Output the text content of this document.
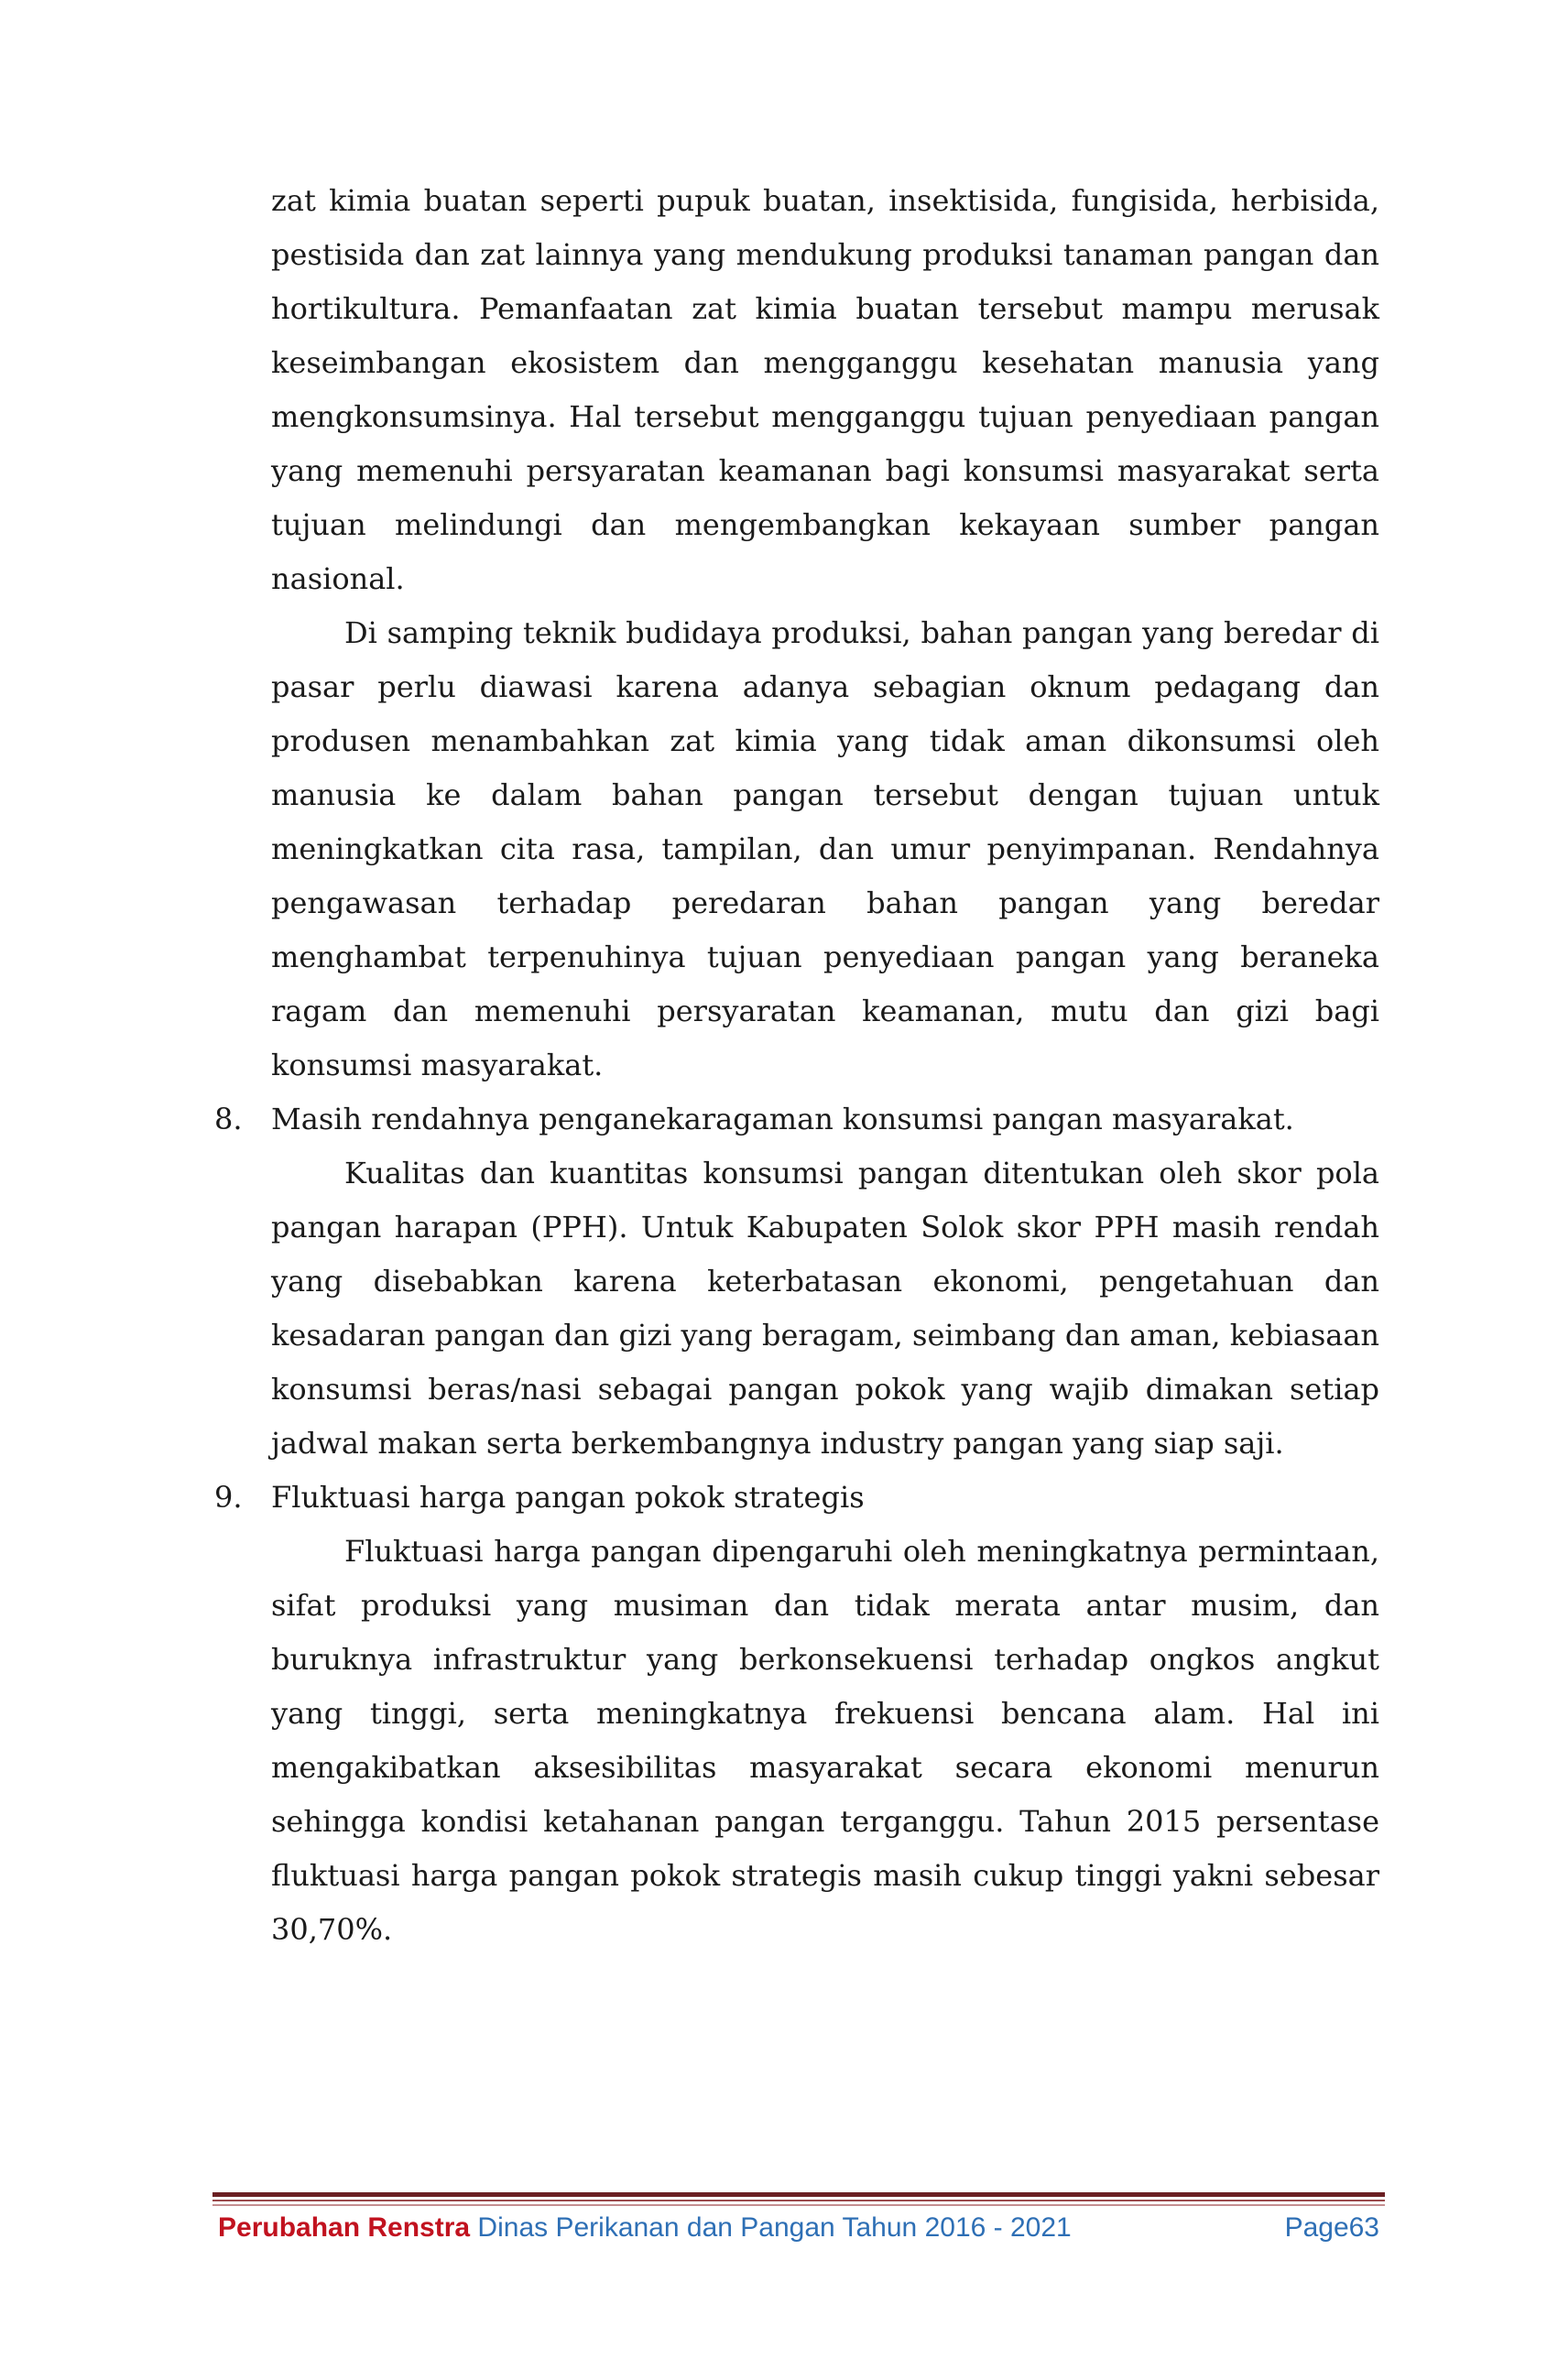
zat kimia buatan seperti pupuk buatan, insektisida, fungisida, herbisida, pestisida dan zat lainnya yang mendukung produksi tanaman pangan dan hortikultura. Pemanfaatan zat kimia buatan tersebut mampu merusak keseimbangan ekosistem dan mengganggu kesehatan manusia yang mengkonsumsinya. Hal tersebut mengganggu tujuan penyediaan pangan yang memenuhi persyaratan keamanan bagi konsumsi masyarakat serta tujuan melindungi dan mengembangkan kekayaan sumber pangan nasional.

Di samping teknik budidaya produksi, bahan pangan yang beredar di pasar perlu diawasi karena adanya sebagian oknum pedagang dan produsen menambahkan zat kimia yang tidak aman dikonsumsi oleh manusia ke dalam bahan pangan tersebut dengan tujuan untuk meningkatkan cita rasa, tampilan, dan umur penyimpanan. Rendahnya pengawasan terhadap peredaran bahan pangan yang beredar menghambat terpenuhinya tujuan penyediaan pangan yang beraneka ragam dan memenuhi persyaratan keamanan, mutu dan gizi bagi konsumsi masyarakat.

8. Masih rendahnya penganekaragaman konsumsi pangan masyarakat.

Kualitas dan kuantitas konsumsi pangan ditentukan oleh skor pola pangan harapan (PPH). Untuk Kabupaten Solok skor PPH masih rendah yang disebabkan karena keterbatasan ekonomi, pengetahuan dan kesadaran pangan dan gizi yang beragam, seimbang dan aman, kebiasaan konsumsi beras/nasi sebagai pangan pokok yang wajib dimakan setiap jadwal makan serta berkembangnya industry pangan yang siap saji.

9. Fluktuasi harga pangan pokok strategis

Fluktuasi harga pangan dipengaruhi oleh meningkatnya permintaan, sifat produksi yang musiman dan tidak merata antar musim, dan buruknya infrastruktur yang berkonsekuensi terhadap ongkos angkut yang tinggi, serta meningkatnya frekuensi bencana alam. Hal ini mengakibatkan aksesibilitas masyarakat secara ekonomi menurun sehingga kondisi ketahanan pangan terganggu. Tahun 2015 persentase fluktuasi harga pangan pokok strategis masih cukup tinggi yakni sebesar 30,70%.

Perubahan Renstra Dinas Perikanan dan Pangan Tahun 2016 - 2021	Page63
